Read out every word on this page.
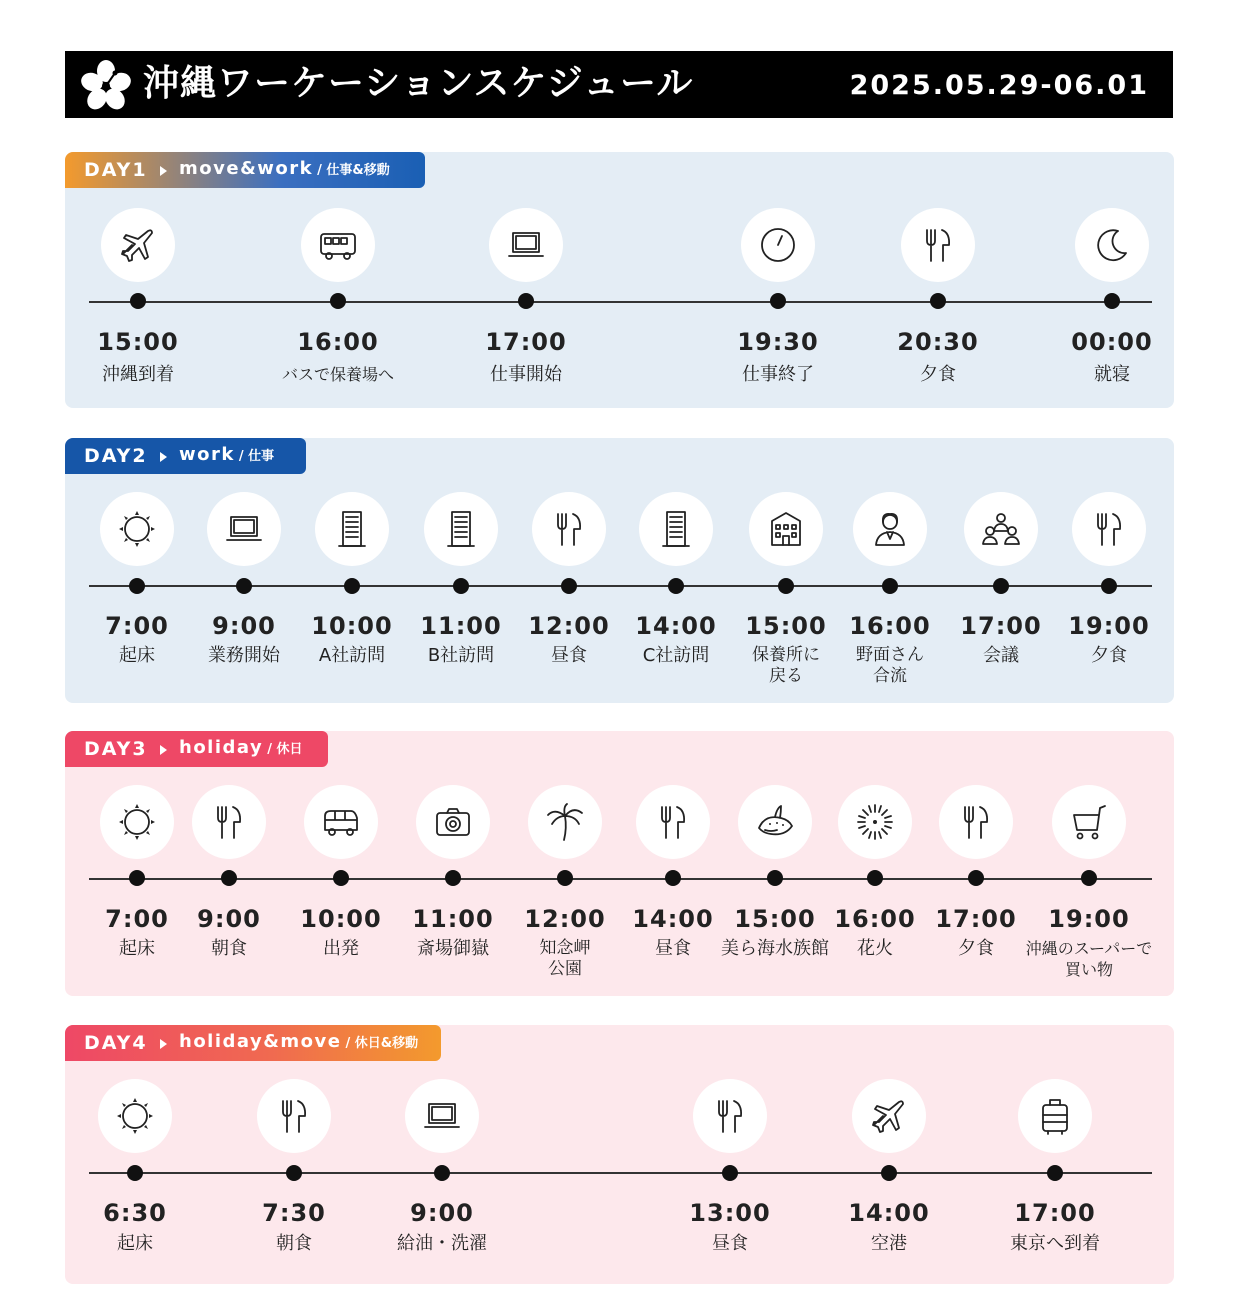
沖縄ワーケーションスケジュール	2025.05.29-06.01
DAY1 move&work / 仕事&移動
15:00
沖縄到着
16:00
バスで保養場へ
17:00
仕事開始
19:30
仕事終了
20:30
夕食
00:00
就寝
DAY2 work / 仕事
7:00
起床
9:00
業務開始
10:00
A社訪問
11:00
B社訪問
12:00
昼食
14:00
C社訪問
15:00
保養所に
戻る
16:00
野面さん
合流
17:00
会議
19:00
夕食
DAY3 holiday / 休日
7:00
起床
9:00
朝食
10:00
出発
11:00
斎場御嶽
12:00
知念岬
公園
14:00
昼食
15:00
美ら海水族館
16:00
花火
17:00
夕食
19:00
沖縄のスーパーで
買い物
DAY4 holiday&move / 休日&移動
6:30
起床
7:30
朝食
9:00
給油・洗濯
13:00
昼食
14:00
空港
17:00
東京へ到着
